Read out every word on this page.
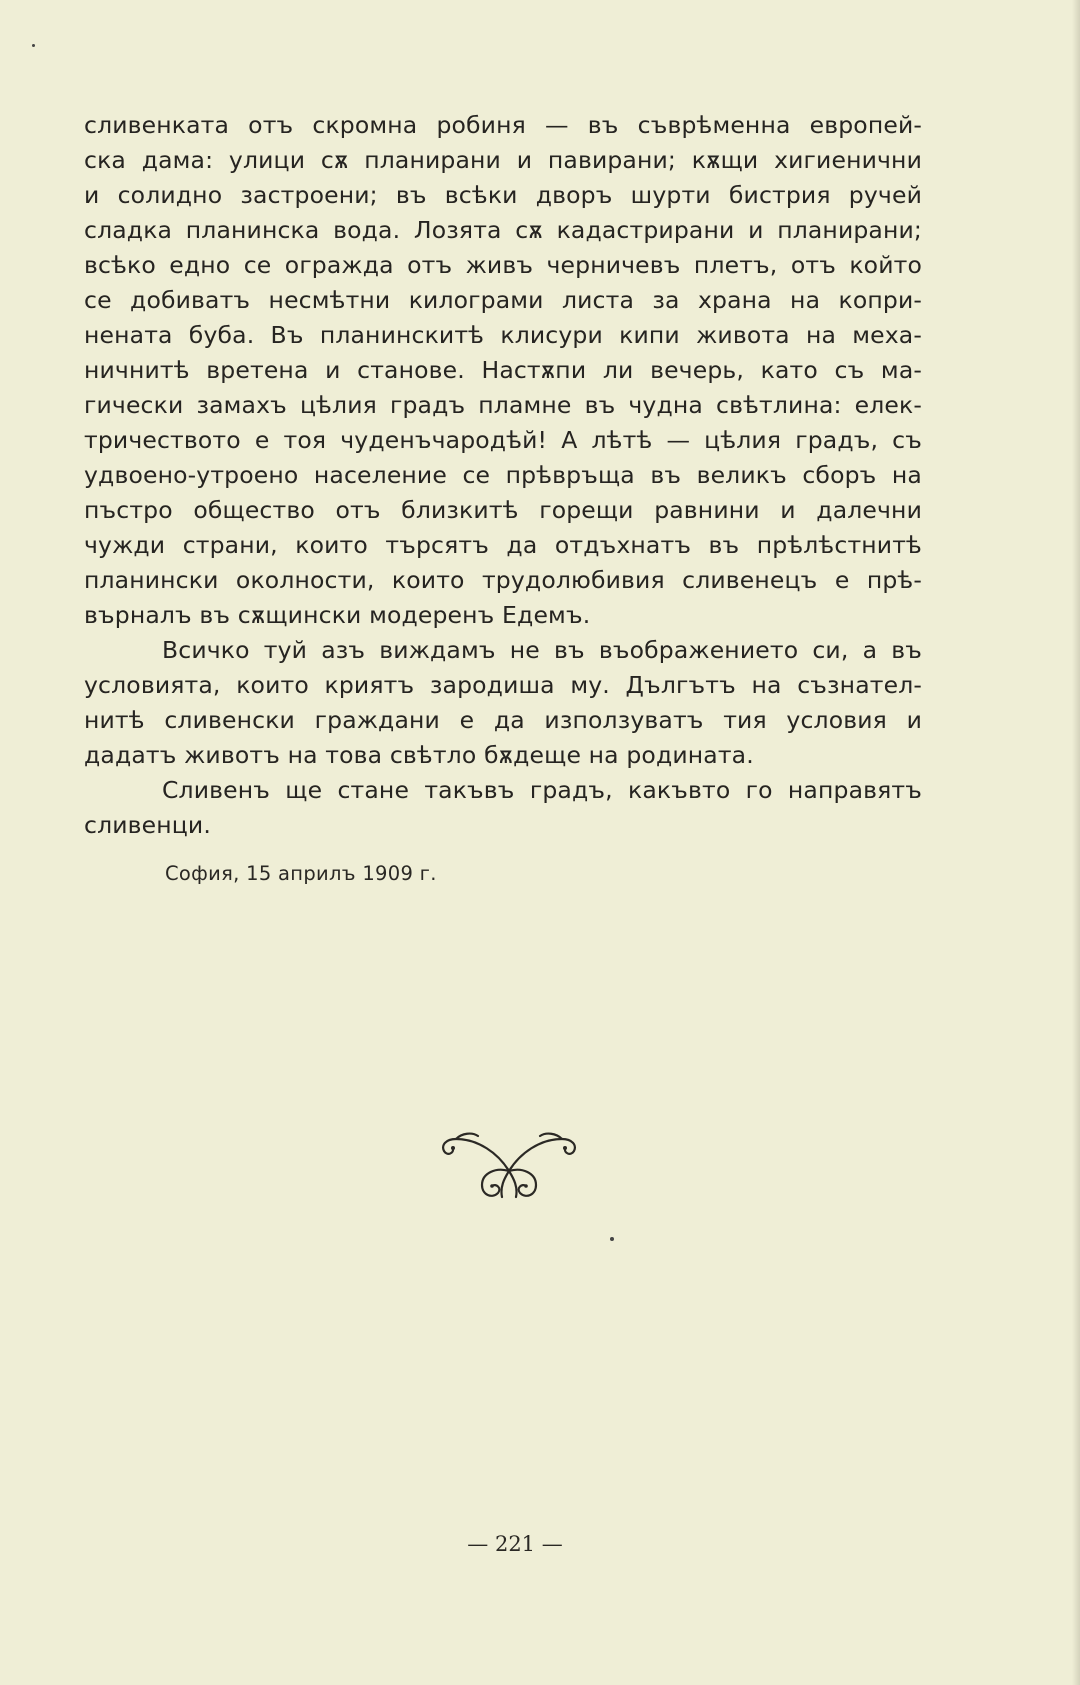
сливенката отъ скромна робиня — въ съврѣменна европей-
ска дама: улици сѫ планирани и павирани; кѫщи хигиенични
и солидно застроени; въ всѣки дворъ шурти бистрия ручей
сладка планинска вода. Лозята сѫ кадастрирани и планирани;
всѣко едно се огражда отъ живъ черничевъ плетъ, отъ който
се добиватъ несмѣтни килограми листа за храна на копри-
нената буба. Въ планинскитѣ клисури кипи живота на меха-
ничнитѣ вретена и станове. Настѫпи ли вечерь, като съ ма-
гически замахъ цѣлия градъ пламне въ чудна свѣтлина: елек-
тричеството е тоя чуденъчародѣй! А лѣтѣ — цѣлия градъ, съ
удвоено-утроено население се прѣвръща въ великъ сборъ на
пъстро общество отъ близкитѣ горещи равнини и далечни
чужди страни, които търсятъ да отдъхнатъ въ прѣлѣстнитѣ
планински околности, които трудолюбивия сливенецъ е прѣ-
върналъ въ сѫщински модеренъ Едемъ.
Всичко туй азъ виждамъ не въ въображението си, а въ
условията, които криятъ зародиша му. Дългътъ на съзнател-
нитѣ сливенски граждани е да използуватъ тия условия и
дадатъ животъ на това свѣтло бѫдеще на родината.
Сливенъ ще стане такъвъ градъ, какъвто го направятъ
сливенци.
София, 15 априлъ 1909 г.
— 221 —
